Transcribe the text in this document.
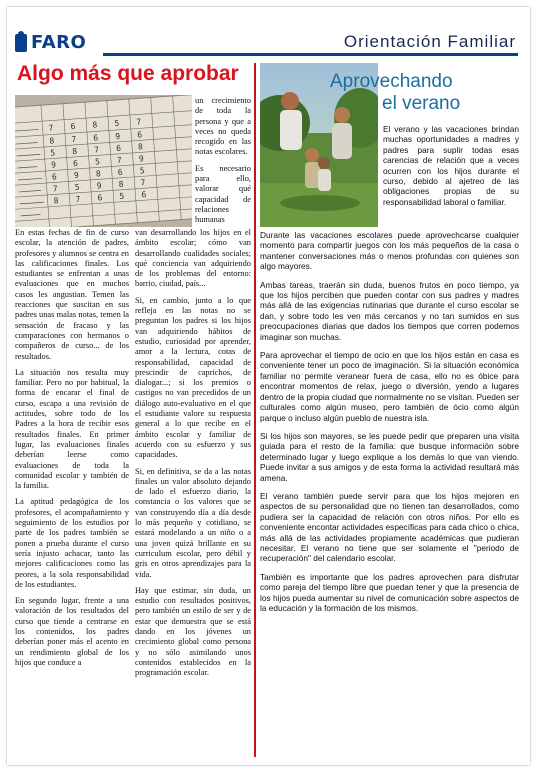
FARO	Orientación Familiar
Algo más que aprobar
7 6 8 5 7
8 7 6 9 6
5 8 7 6 8
9 6 5 7 9
6 9 8 6 5
7 5 9 8 7
8 7 6 5 6

un crecimiento de toda la persona y que a veces no queda recogido en las notas escolares.

Es necesario para ello, valorar qué capacidad de relaciones humanas

En estas fechas de fin de curso escolar, la atención de padres, profesores y alumnos se centra en las calificaciones finales. Los estudiantes se enfrentan a unas evaluaciones que en muchos casos les angustian. Temen las reacciones que suscitan en sus padres unas malas notas, temen la sensación de fracaso y las comparaciones con hermanos o compañeros de curso... de los resultados.

La situación nos resulta muy familiar. Pero no por habitual, la forma de encarar el final de curso, escapa a una revisión de actitudes, sobre todo de los Padres a la hora de recibir esos resultados finales. En primer lugar, las evaluaciones finales deberían leerse como evaluaciones de toda la comunidad escolar y también de la familia.

La aptitud pedagógica de los profesores, el acompañamiento y seguimiento de los estudios por parte de los padres también se ponen a prueba durante el curso sería injusto achacar, tanto las mejores calificaciones como las peores, a la sola responsabilidad de los estudiantes.

En segundo lugar, frente a una valoración de los resultados del curso que tiende a centrarse en los contenidos, los padres deberían poner más el acento en un rendimiento global de los hijos que conduce a

van desarrollando los hijos en el ámbito escolar; cómo van desarrollando cualidades sociales; qué conciencia van adquiriendo de los problemas del entorno: barrio, ciudad, país...

Si, en cambio, junto a lo que refleja en las notas no se preguntan los padres si los hijos van adquiriendo hábitos de estudio, curiosidad por aprender, amor a la lectura, cotas de responsabilidad, capacidad de prescindir de caprichos, de dialogar...; si los premios o castigos no van precedidos de un diálogo auto-evaluativo en el que el estudiante valore su respuesta general a lo que recibe en el ámbito escolar y familiar de acuerdo con su esfuerzo y sus capacidades.

Si, en definitiva, se da a las notas finales un valor absoluto dejando de lado el esfuerzo diario, la constancia o los valores que se van construyendo día a día desde lo más pequeño y cotidiano, se estará modelando a un niño o a una joven quizá brillante en su curriculum escolar, pero débil y gris en otros aprendizajes para la vida.

Hay que estimar, sin duda, un estudio con resultados positivos, pero también un estilo de ser y de estar que demuestra que se está dando en los jóvenes un crecimiento global como persona y no sólo asimilando unos contenidos establecidos en la programación escolar.

Aprovechando
el verano
El verano y las vacaciones brindan muchas oportunidades a madres y padres para suplir todas esas carencias de relación que a veces ocurren con los hijos durante el curso, debido al ajetreo de las obligaciones propias de su responsabilidad laboral o familiar.

Durante las vacaciones escolares puede aprovechcarse cualquier momento para compartir juegos con los más pequeños de la casa o mantener conversaciones más o menos profundas con quienes son algo mayores.

Ambas tareas, traerán sin duda, buenos frutos en poco tiempo, ya que los hijos perciben que pueden contar con sus padres y madres más allá de las exigencias rutinarias que durante el curso escolar se dan, y sobre todo les ven más cercanos y no tan sumidos en sus preocupaciones diarias que dados los tiempos que corren podemos imaginar son muchas.

Para aprovechar el tiempo de ocio en que los hijos están en casa es conveniente tener un poco de imaginación. Si la situación económica familiar no permite veranear fuera de casa, ello no es óbice para encontrar momentos de relax, juego o diversión, yendo a lugares dentro de la propia ciudad que normalmente no se visitan. Pueden ser culturales como algún museo, pero también de ócio como algún parque o incluso algún pueblo de nuestra isla.

Si los hijos son mayores, se les puede pedir que preparen una visita guiada para el resto de la familia: que busque información sobre determinado lugar y luego explique a los demás lo que van viendo. Puede invitar a sus amigos y de esta forma la actividad resultará más amena.

El verano también puede servir para que los hijos mejoren en aspectos de su personalidad que no tienen tan desarrollados, como pudiera ser la capacidad de relación con otros niños. Por ello es conveniente encontar actividades específicas para cada chico o chica, más allá de las actividades propiamente académicas que pudieran necesitar. El verano no tiene que ser solamente el "periodo de recuperación" del calendario escolar.

También es importante que los padres aprovechen para disfrutar como pareja del tiempo libre que puedan tener y que la presencia de los hijos pueda aumentar su nivel de comunicación sobre aspectos de la educación y la formación de los mismos.
